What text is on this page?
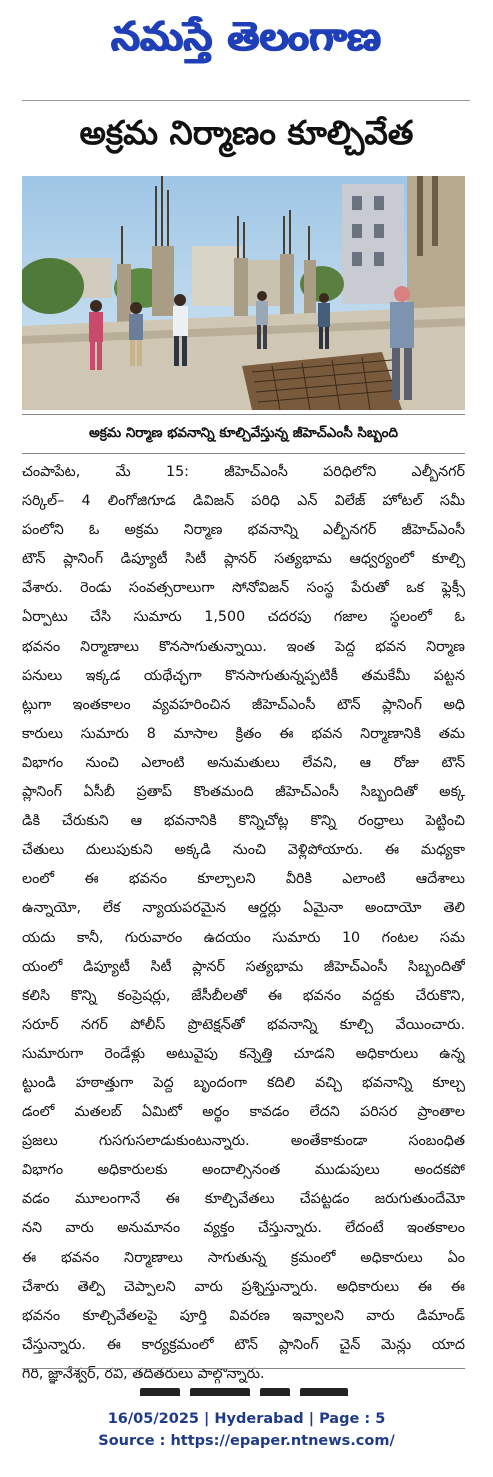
నమస్తే తెలంగాణ
అక్రమ నిర్మాణం కూల్చివేత
అక్రమ నిర్మాణ భవనాన్ని కూల్చివేస్తున్న జీహెచ్ఎంసీ సిబ్బంది

చంపాపేట, మే 15: జీహెచ్ఎంసీ పరిధిలోని ఎల్బీనగర్

సర్కిల్– 4 లింగోజిగూడ డివిజన్ పరిధి ఎన్ విలేజ్ హోటల్ సమీ

పంలోని ఓ అక్రమ నిర్మాణ భవనాన్ని ఎల్బీనగర్ జీహెచ్ఎంసీ

టౌన్ ప్లానింగ్ డిప్యూటీ సిటీ ప్లానర్ సత్యభామ ఆధ్వర్యంలో కూల్చి

వేశారు. రెండు సంవత్సరాలుగా సోనోవిజన్ సంస్థ పేరుతో ఒక ఫ్లెక్సీ

ఏర్పాటు చేసి సుమారు 1,500 చదరపు గజాల స్థలంలో ఓ

భవనం నిర్మాణాలు కొనసాగుతున్నాయి. ఇంత పెద్ద భవన నిర్మాణ

పనులు ఇక్కడ యథేచ్ఛగా కొనసాగుతున్నప్పటికీ తమకేమీ పట్టన

ట్లుగా ఇంతకాలం వ్యవహరించిన జీహెచ్ఎంసీ టౌన్ ప్లానింగ్ అధి

కారులు సుమారు 8 మాసాల క్రితం ఈ భవన నిర్మాణానికి తమ

విభాగం నుంచి ఎలాంటి అనుమతులు లేవని, ఆ రోజు టౌన్

ప్లానింగ్ ఏసీబీ ప్రతాప్ కొంతమంది జీహెచ్ఎంసీ సిబ్బందితో అక్క

డికి చేరుకుని ఆ భవనానికి కొన్నిచోట్ల కొన్ని రంధ్రాలు పెట్టించి

చేతులు దులుపుకుని అక్కడి నుంచి వెళ్లిపోయారు. ఈ మధ్యకా

లంలో ఈ భవనం కూల్చాలని వీరికి ఎలాంటి ఆదేశాలు

ఉన్నాయో, లేక న్యాయపరమైన ఆర్డర్లు ఏమైనా అందాయో తెలి

యదు కానీ, గురువారం ఉదయం సుమారు 10 గంటల సమ

యంలో డిప్యూటీ సిటీ ప్లానర్ సత్యభామ జీహెచ్ఎంసీ సిబ్బందితో

కలిసి కొన్ని కంప్రెషర్లు, జేసీబీలతో ఈ భవనం వద్దకు చేరుకొని,

సరూర్ నగర్ పోలీస్ ప్రొటెక్షన్‌తో భవనాన్ని కూల్చి వేయించారు.

సుమారుగా రెండేళ్లు అటువైపు కన్నెత్తి చూడని అధికారులు ఉన్న

ట్టుండి హఠాత్తుగా పెద్ద బృందంగా కదిలి వచ్చి భవనాన్ని కూల్చ

డంలో మతలబ్ ఏమిటో అర్థం కావడం లేదని పరిసర ప్రాంతాల

ప్రజలు గుసగుసలాడుకుంటున్నారు. అంతేకాకుండా సంబంధిత

విభాగం అధికారులకు అందాల్సినంత ముడుపులు అందకపో

వడం మూలంగానే ఈ కూల్చివేతలు చేపట్టడం జరుగుతుందేమో

నని వారు అనుమానం వ్యక్తం చేస్తున్నారు. లేదంటే ఇంతకాలం

ఈ భవనం నిర్మాణాలు సాగుతున్న క్రమంలో అధికారులు ఏం

చేశారు తెల్పి చెప్పాలని వారు ప్రశ్నిస్తున్నారు. అధికారులు ఈ ఈ

భవనం కూల్చివేతలపై పూర్తి వివరణ ఇవ్వాలని వారు డిమాండ్

చేస్తున్నారు. ఈ కార్యక్రమంలో టౌన్ ప్లానింగ్ చైన్ మెన్లు యాద

గిరి, జ్ఞానేశ్వర్, రవి, తదితరులు పాల్గొన్నారు.

16/05/2025 | Hyderabad | Page : 5
Source : https://epaper.ntnews.com/
